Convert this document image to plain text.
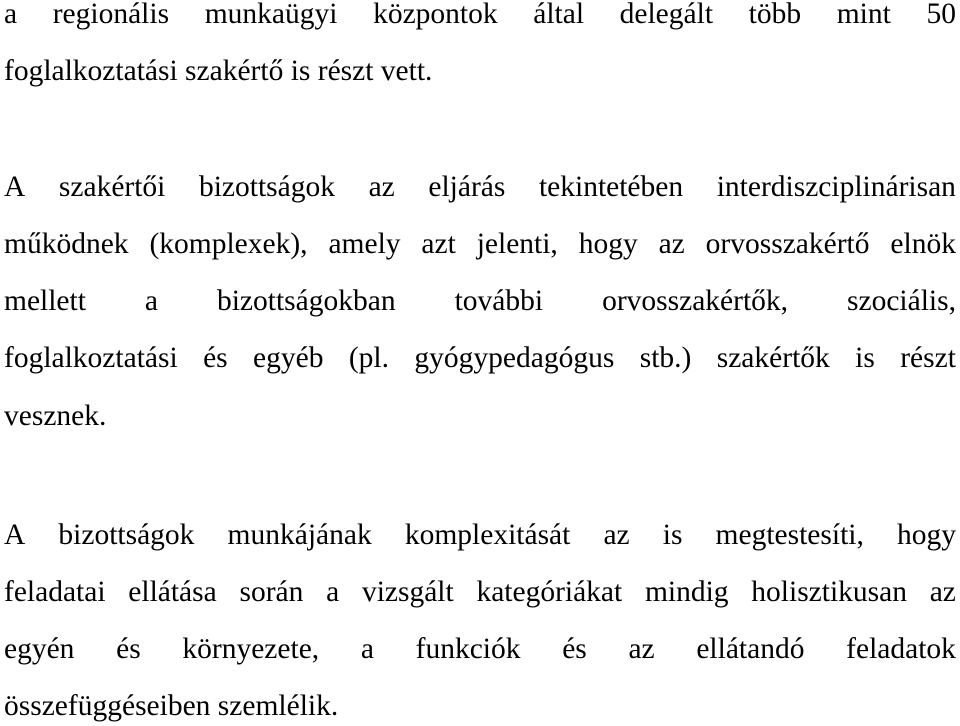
a regionális munkaügyi központok által delegált több mint 50
foglalkoztatási szakértő is részt vett.
A szakértői bizottságok az eljárás tekintetében interdiszciplinárisan
működnek (komplexek), amely azt jelenti, hogy az orvosszakértő elnök
mellett a bizottságokban további orvosszakértők, szociális,
foglalkoztatási és egyéb (pl. gyógypedagógus stb.) szakértők is részt
vesznek.
A bizottságok munkájának komplexitását az is megtestesíti, hogy
feladatai ellátása során a vizsgált kategóriákat mindig holisztikusan az
egyén és környezete, a funkciók és az ellátandó feladatok
összefüggéseiben szemlélik.
